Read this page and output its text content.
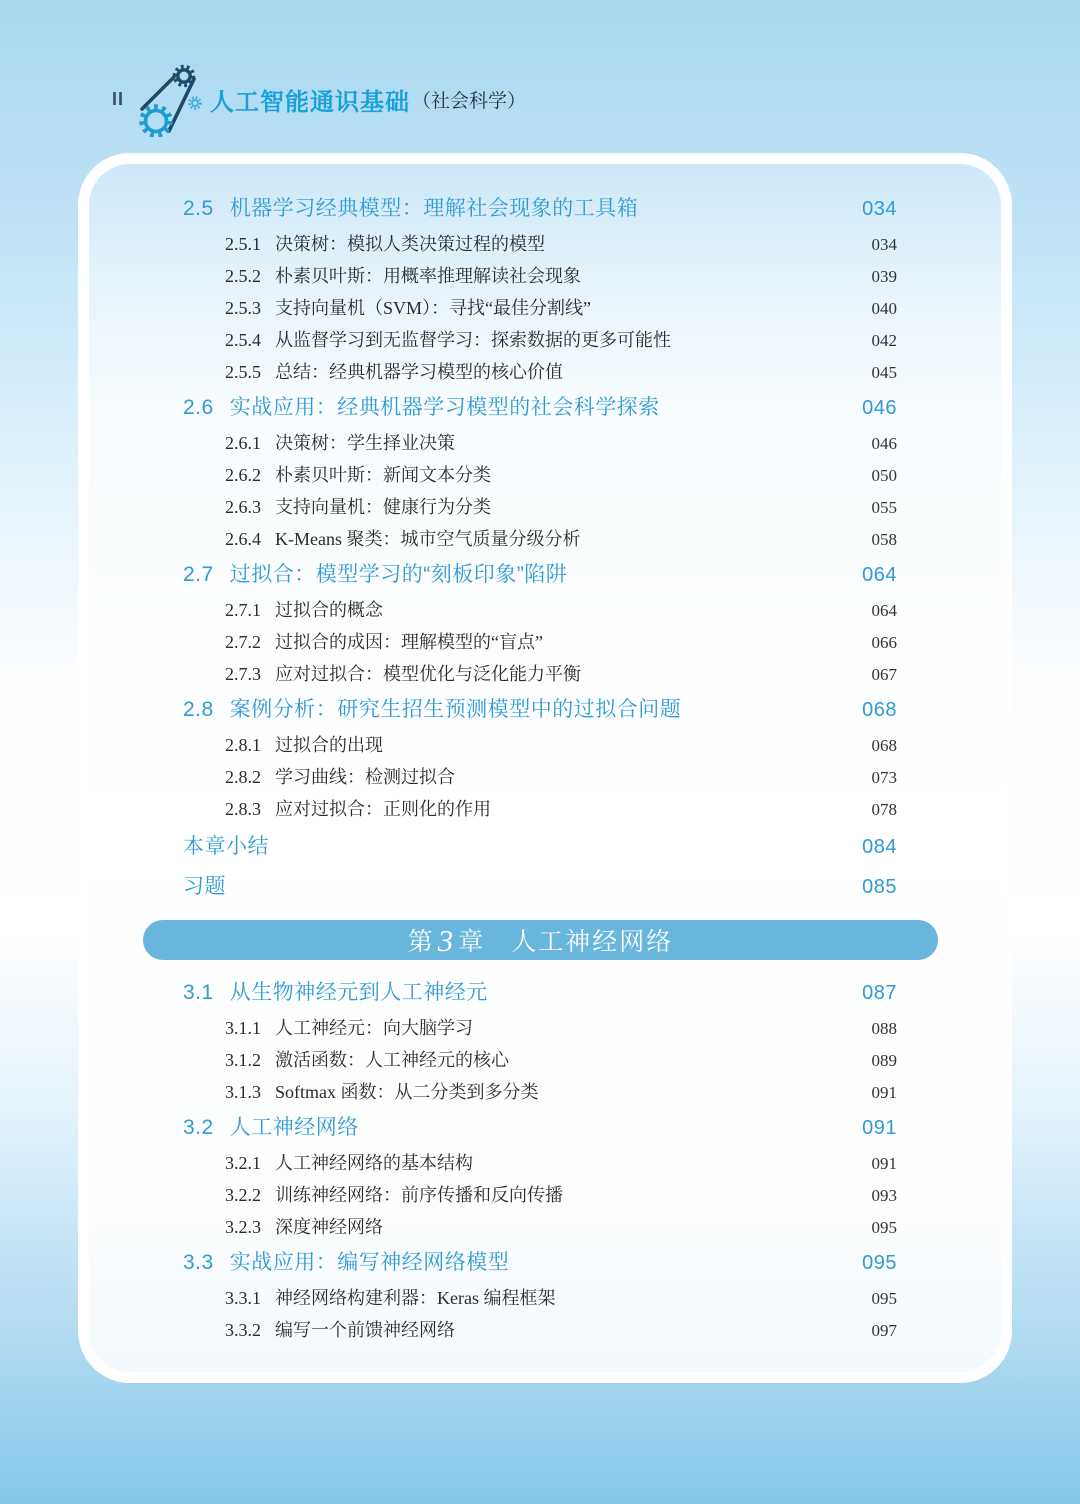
II	人工智能通识基础 （社会科学）
2.5 机器学习经典模型：理解社会现象的工具箱	034
2.5.1 决策树：模拟人类决策过程的模型	034
2.5.2 朴素贝叶斯：用概率推理解读社会现象	039
2.5.3 支持向量机（SVM）：寻找“最佳分割线”	040
2.5.4 从监督学习到无监督学习：探索数据的更多可能性	042
2.5.5 总结：经典机器学习模型的核心价值	045
2.6 实战应用：经典机器学习模型的社会科学探索	046
2.6.1 决策树：学生择业决策	046
2.6.2 朴素贝叶斯：新闻文本分类	050
2.6.3 支持向量机：健康行为分类	055
2.6.4 K-Means 聚类：城市空气质量分级分析	058
2.7 过拟合：模型学习的“刻板印象”陷阱	064
2.7.1 过拟合的概念	064
2.7.2 过拟合的成因：理解模型的“盲点”	066
2.7.3 应对过拟合：模型优化与泛化能力平衡	067
2.8 案例分析：研究生招生预测模型中的过拟合问题	068
2.8.1 过拟合的出现	068
2.8.2 学习曲线：检测过拟合	073
2.8.3 应对过拟合：正则化的作用	078
本章小结	084
习题	085
第 3 章 人工神经网络
3.1 从生物神经元到人工神经元	087
3.1.1 人工神经元：向大脑学习	088
3.1.2 激活函数：人工神经元的核心	089
3.1.3 Softmax 函数：从二分类到多分类	091
3.2 人工神经网络	091
3.2.1 人工神经网络的基本结构	091
3.2.2 训练神经网络：前序传播和反向传播	093
3.2.3 深度神经网络	095
3.3 实战应用：编写神经网络模型	095
3.3.1 神经网络构建利器：Keras 编程框架	095
3.3.2 编写一个前馈神经网络	097
